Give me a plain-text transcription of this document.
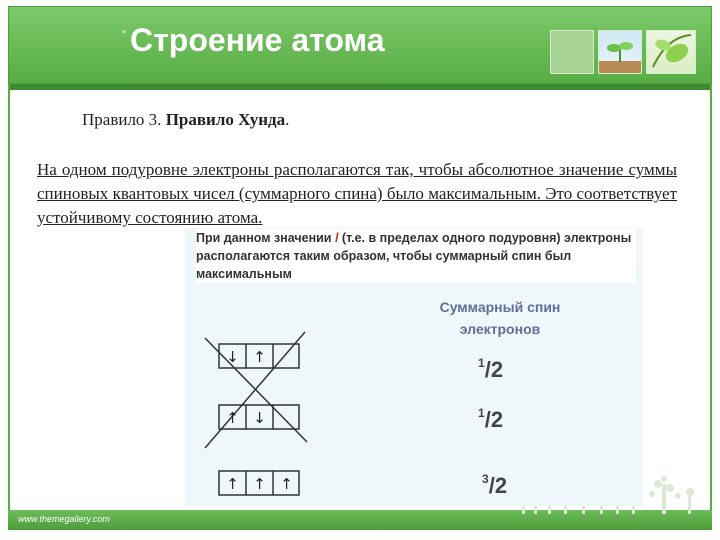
" Строение атома
www.themegallery.com
Правило 3. Правило Хунда.
На одном подуровне электроны располагаются так, чтобы абсолютное значение суммы спиновых квантовых чисел (суммарного спина) было максимальным. Это соответствует устойчивому состоянию атома.
При данном значении l (т.е. в пределах одного подуровня) электроны располагаются таким образом, чтобы суммарный спин был максимальным
Суммарный спин электронов
↓ ↑
↑ ↓
↑ ↑ ↑
$^1$/2
$^1$/2
$^3$/2
